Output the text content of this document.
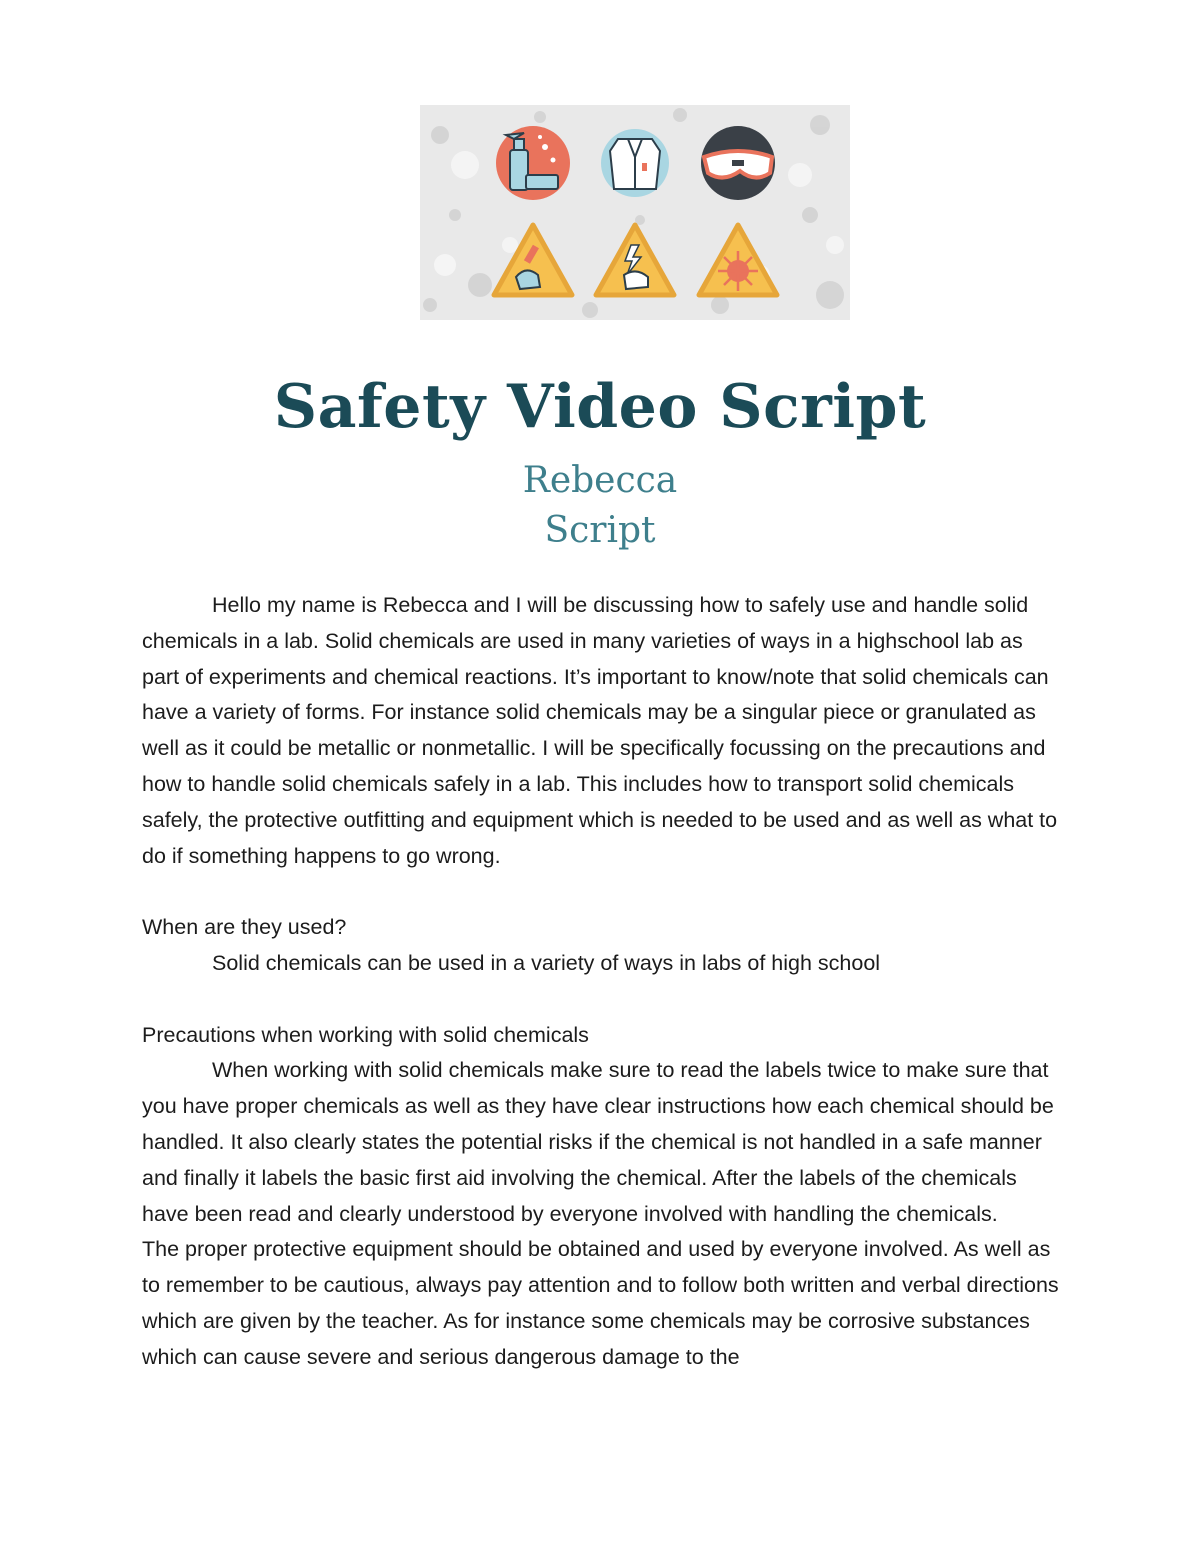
Safety Video Script
Rebecca
Script

Hello my name is Rebecca and I will be discussing how to safely use and handle solid chemicals in a lab. Solid chemicals are used in many varieties of ways in a highschool lab as part of experiments and chemical reactions. It’s important to know/note that solid chemicals can have a variety of forms. For instance solid chemicals may be a singular piece or granulated as well as it could be metallic or nonmetallic. I will be specifically focussing on the precautions and how to handle solid chemicals safely in a lab. This includes how to transport solid chemicals safely, the protective outfitting and equipment which is needed to be used and as well as what to do if something happens to go wrong.

When are they used?

Solid chemicals can be used in a variety of ways in labs of high school

Precautions when working with solid chemicals

When working with solid chemicals make sure to read the labels twice to make sure that you have proper chemicals as well as they have clear instructions how each chemical should be handled. It also clearly states the potential risks if the chemical is not handled in a safe manner and finally it labels the basic first aid involving the chemical. After the labels of the chemicals have been read and clearly understood by everyone involved with handling the chemicals.

The proper protective equipment should be obtained and used by everyone involved. As well as to remember to be cautious, always pay attention and to follow both written and verbal directions which are given by the teacher. As for instance some chemicals may be corrosive substances which can cause severe and serious dangerous damage to the
